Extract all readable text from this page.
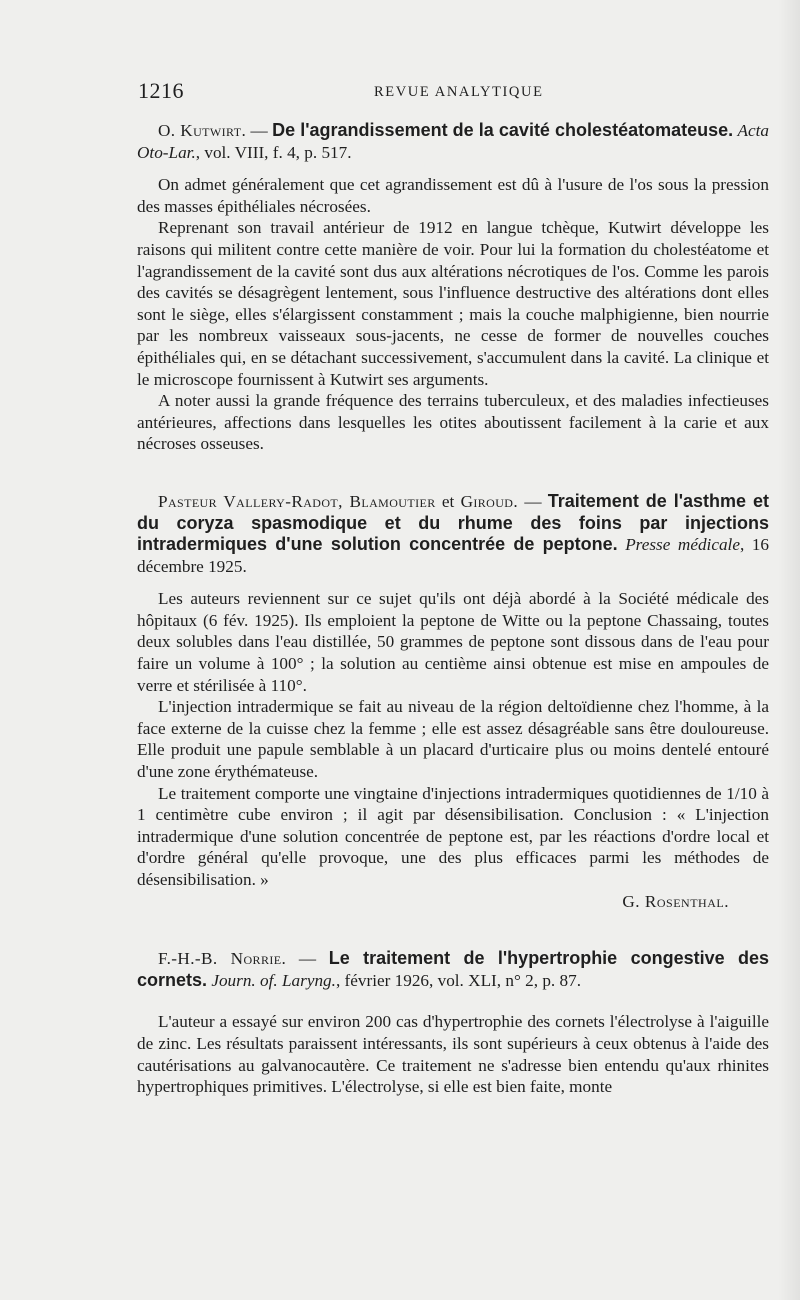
1216	REVUE ANALYTIQUE

O. Kutwirt. — De l'agrandissement de la cavité cholestéatomateuse. Acta Oto-Lar., vol. VIII, f. 4, p. 517.

On admet généralement que cet agrandissement est dû à l'usure de l'os sous la pression des masses épithéliales nécrosées.

Reprenant son travail antérieur de 1912 en langue tchèque, Kutwirt développe les raisons qui militent contre cette manière de voir. Pour lui la formation du cholestéatome et l'agrandissement de la cavité sont dus aux altérations nécrotiques de l'os. Comme les parois des cavités se désagrègent lentement, sous l'influence destructive des altérations dont elles sont le siège, elles s'élargissent constamment ; mais la couche malphigienne, bien nourrie par les nombreux vaisseaux sous-jacents, ne cesse de former de nouvelles couches épithéliales qui, en se détachant successivement, s'accumulent dans la cavité. La clinique et le microscope fournissent à Kutwirt ses arguments.

A noter aussi la grande fréquence des terrains tuberculeux, et des maladies infectieuses antérieures, affections dans lesquelles les otites aboutissent facilement à la carie et aux nécroses osseuses.

Pasteur Vallery-Radot, Blamoutier et Giroud. — Traitement de l'asthme et du coryza spasmodique et du rhume des foins par injections intradermiques d'une solution concentrée de peptone. Presse médicale, 16 décembre 1925.

Les auteurs reviennent sur ce sujet qu'ils ont déjà abordé à la Société médicale des hôpitaux (6 fév. 1925). Ils emploient la peptone de Witte ou la peptone Chassaing, toutes deux solubles dans l'eau distillée, 50 grammes de peptone sont dissous dans de l'eau pour faire un volume à 100° ; la solution au centième ainsi obtenue est mise en ampoules de verre et stérilisée à 110°.

L'injection intradermique se fait au niveau de la région deltoïdienne chez l'homme, à la face externe de la cuisse chez la femme ; elle est assez désagréable sans être douloureuse. Elle produit une papule semblable à un placard d'urticaire plus ou moins dentelé entouré d'une zone érythémateuse.

Le traitement comporte une vingtaine d'injections intradermiques quotidiennes de 1/10 à 1 centimètre cube environ ; il agit par désensibilisation. Conclusion : « L'injection intradermique d'une solution concentrée de peptone est, par les réactions d'ordre local et d'ordre général qu'elle provoque, une des plus efficaces parmi les méthodes de désensibilisation. »

G. Rosenthal.

F.-H.-B. Norrie. — Le traitement de l'hypertrophie congestive des cornets. Journ. of. Laryng., février 1926, vol. XLI, n° 2, p. 87.

L'auteur a essayé sur environ 200 cas d'hypertrophie des cornets l'électrolyse à l'aiguille de zinc. Les résultats paraissent intéressants, ils sont supérieurs à ceux obtenus à l'aide des cautérisations au galvanocautère. Ce traitement ne s'adresse bien entendu qu'aux rhinites hypertrophiques primitives. L'électrolyse, si elle est bien faite, monte
